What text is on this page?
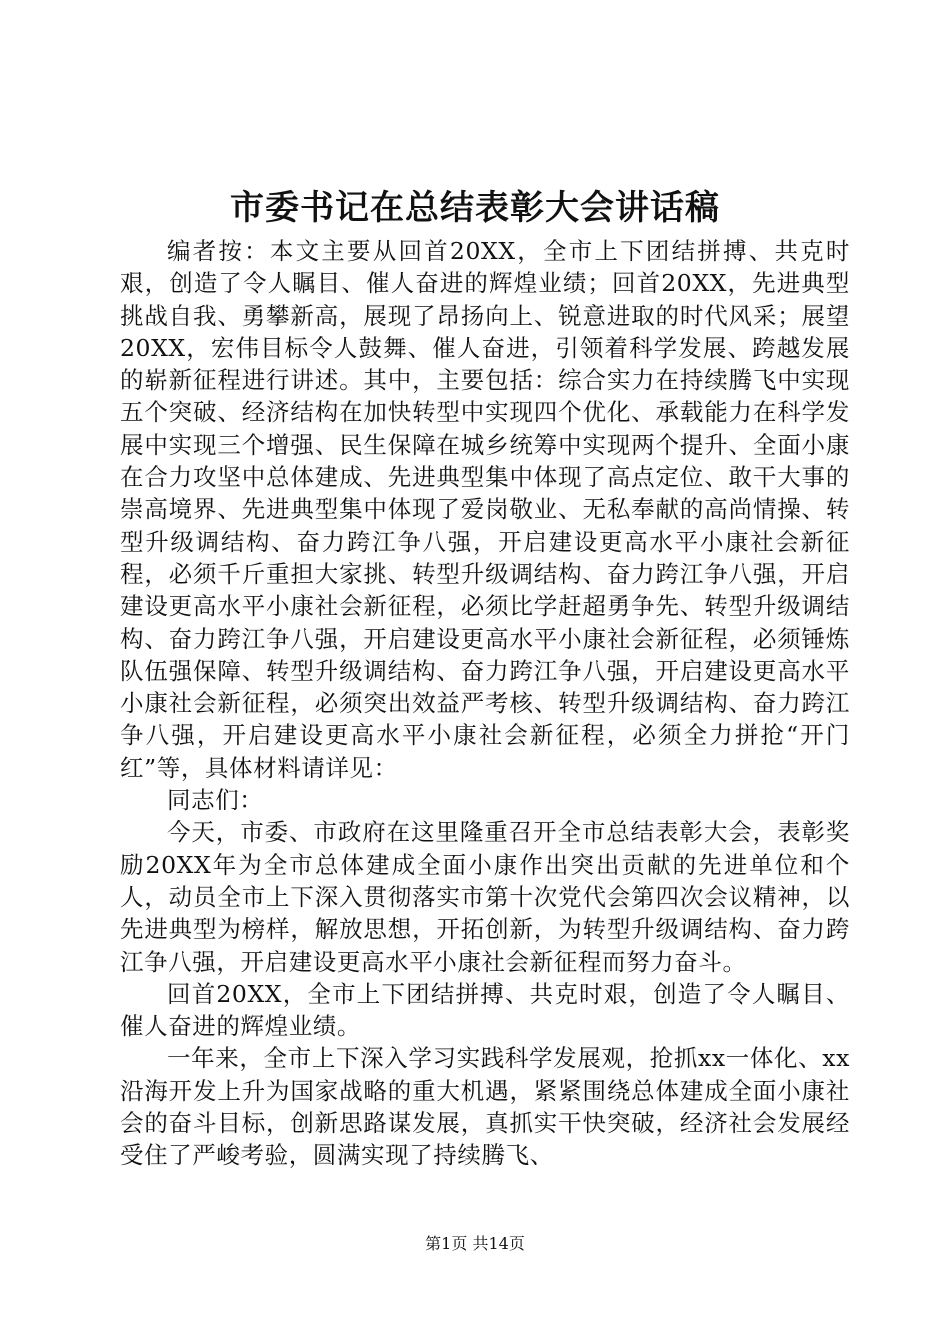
市委书记在总结表彰大会讲话稿

编者按：本文主要从回首20XX，全市上下团结拼搏、共克时艰，创造了令人瞩目、催人奋进的辉煌业绩；回首20XX，先进典型挑战自我、勇攀新高，展现了昂扬向上、锐意进取的时代风采；展望20XX，宏伟目标令人鼓舞、催人奋进，引领着科学发展、跨越发展的崭新征程进行讲述。其中，主要包括：综合实力在持续腾飞中实现五个突破、经济结构在加快转型中实现四个优化、承载能力在科学发展中实现三个增强、民生保障在城乡统筹中实现两个提升、全面小康在合力攻坚中总体建成、先进典型集中体现了高点定位、敢干大事的崇高境界、先进典型集中体现了爱岗敬业、无私奉献的高尚情操、转型升级调结构、奋力跨江争八强，开启建设更高水平小康社会新征程，必须千斤重担大家挑、转型升级调结构、奋力跨江争八强，开启建设更高水平小康社会新征程，必须比学赶超勇争先、转型升级调结构、奋力跨江争八强，开启建设更高水平小康社会新征程，必须锤炼队伍强保障、转型升级调结构、奋力跨江争八强，开启建设更高水平小康社会新征程，必须突出效益严考核、转型升级调结构、奋力跨江争八强，开启建设更高水平小康社会新征程，必须全力拼抢“开门红”等，具体材料请详见：

同志们：

今天，市委、市政府在这里隆重召开全市总结表彰大会，表彰奖励20XX年为全市总体建成全面小康作出突出贡献的先进单位和个人，动员全市上下深入贯彻落实市第十次党代会第四次会议精神，以先进典型为榜样，解放思想，开拓创新，为转型升级调结构、奋力跨江争八强，开启建设更高水平小康社会新征程而努力奋斗。

回首20XX，全市上下团结拼搏、共克时艰，创造了令人瞩目、催人奋进的辉煌业绩。

一年来，全市上下深入学习实践科学发展观，抢抓xx一体化、xx沿海开发上升为国家战略的重大机遇，紧紧围绕总体建成全面小康社会的奋斗目标，创新思路谋发展，真抓实干快突破，经济社会发展经受住了严峻考验，圆满实现了持续腾飞、

第1页 共14页
